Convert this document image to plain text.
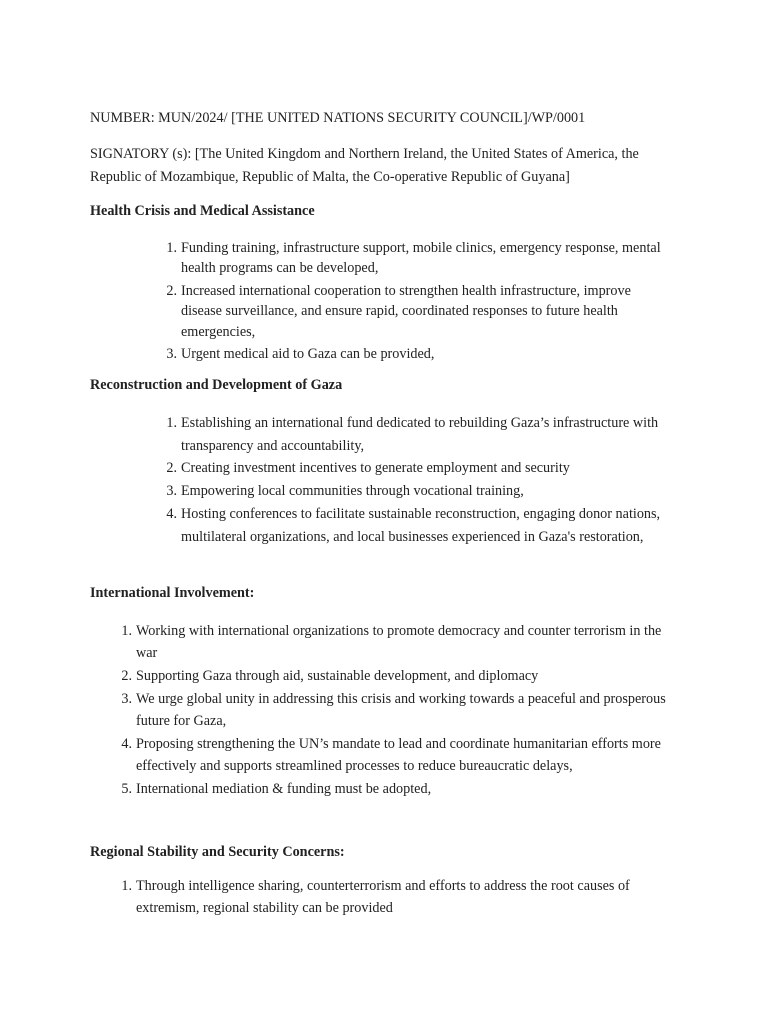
NUMBER: MUN/2024/ [THE UNITED NATIONS SECURITY COUNCIL]/WP/0001

SIGNATORY (s): [The United Kingdom and Northern Ireland, the United States of America, the Republic of Mozambique, Republic of Malta, the Co-operative Republic of Guyana]

Health Crisis and Medical Assistance

1. Funding training, infrastructure support, mobile clinics, emergency response, mental health programs can be developed,
2. Increased international cooperation to strengthen health infrastructure, improve disease surveillance, and ensure rapid, coordinated responses to future health emergencies,
3. Urgent medical aid to Gaza can be provided,

Reconstruction and Development of Gaza

1. Establishing an international fund dedicated to rebuilding Gaza’s infrastructure with transparency and accountability,
2. Creating investment incentives to generate employment and security
3. Empowering local communities through vocational training,
4. Hosting conferences to facilitate sustainable reconstruction, engaging donor nations, multilateral organizations, and local businesses experienced in Gaza's restoration,

International Involvement:

1. Working with international organizations to promote democracy and counter terrorism in the war
2. Supporting Gaza through aid, sustainable development, and diplomacy
3. We urge global unity in addressing this crisis and working towards a peaceful and prosperous future for Gaza,
4. Proposing strengthening the UN’s mandate to lead and coordinate humanitarian efforts more effectively and supports streamlined processes to reduce bureaucratic delays,
5. International mediation & funding must be adopted,

Regional Stability and Security Concerns:

1. Through intelligence sharing, counterterrorism and efforts to address the root causes of extremism, regional stability can be provided
